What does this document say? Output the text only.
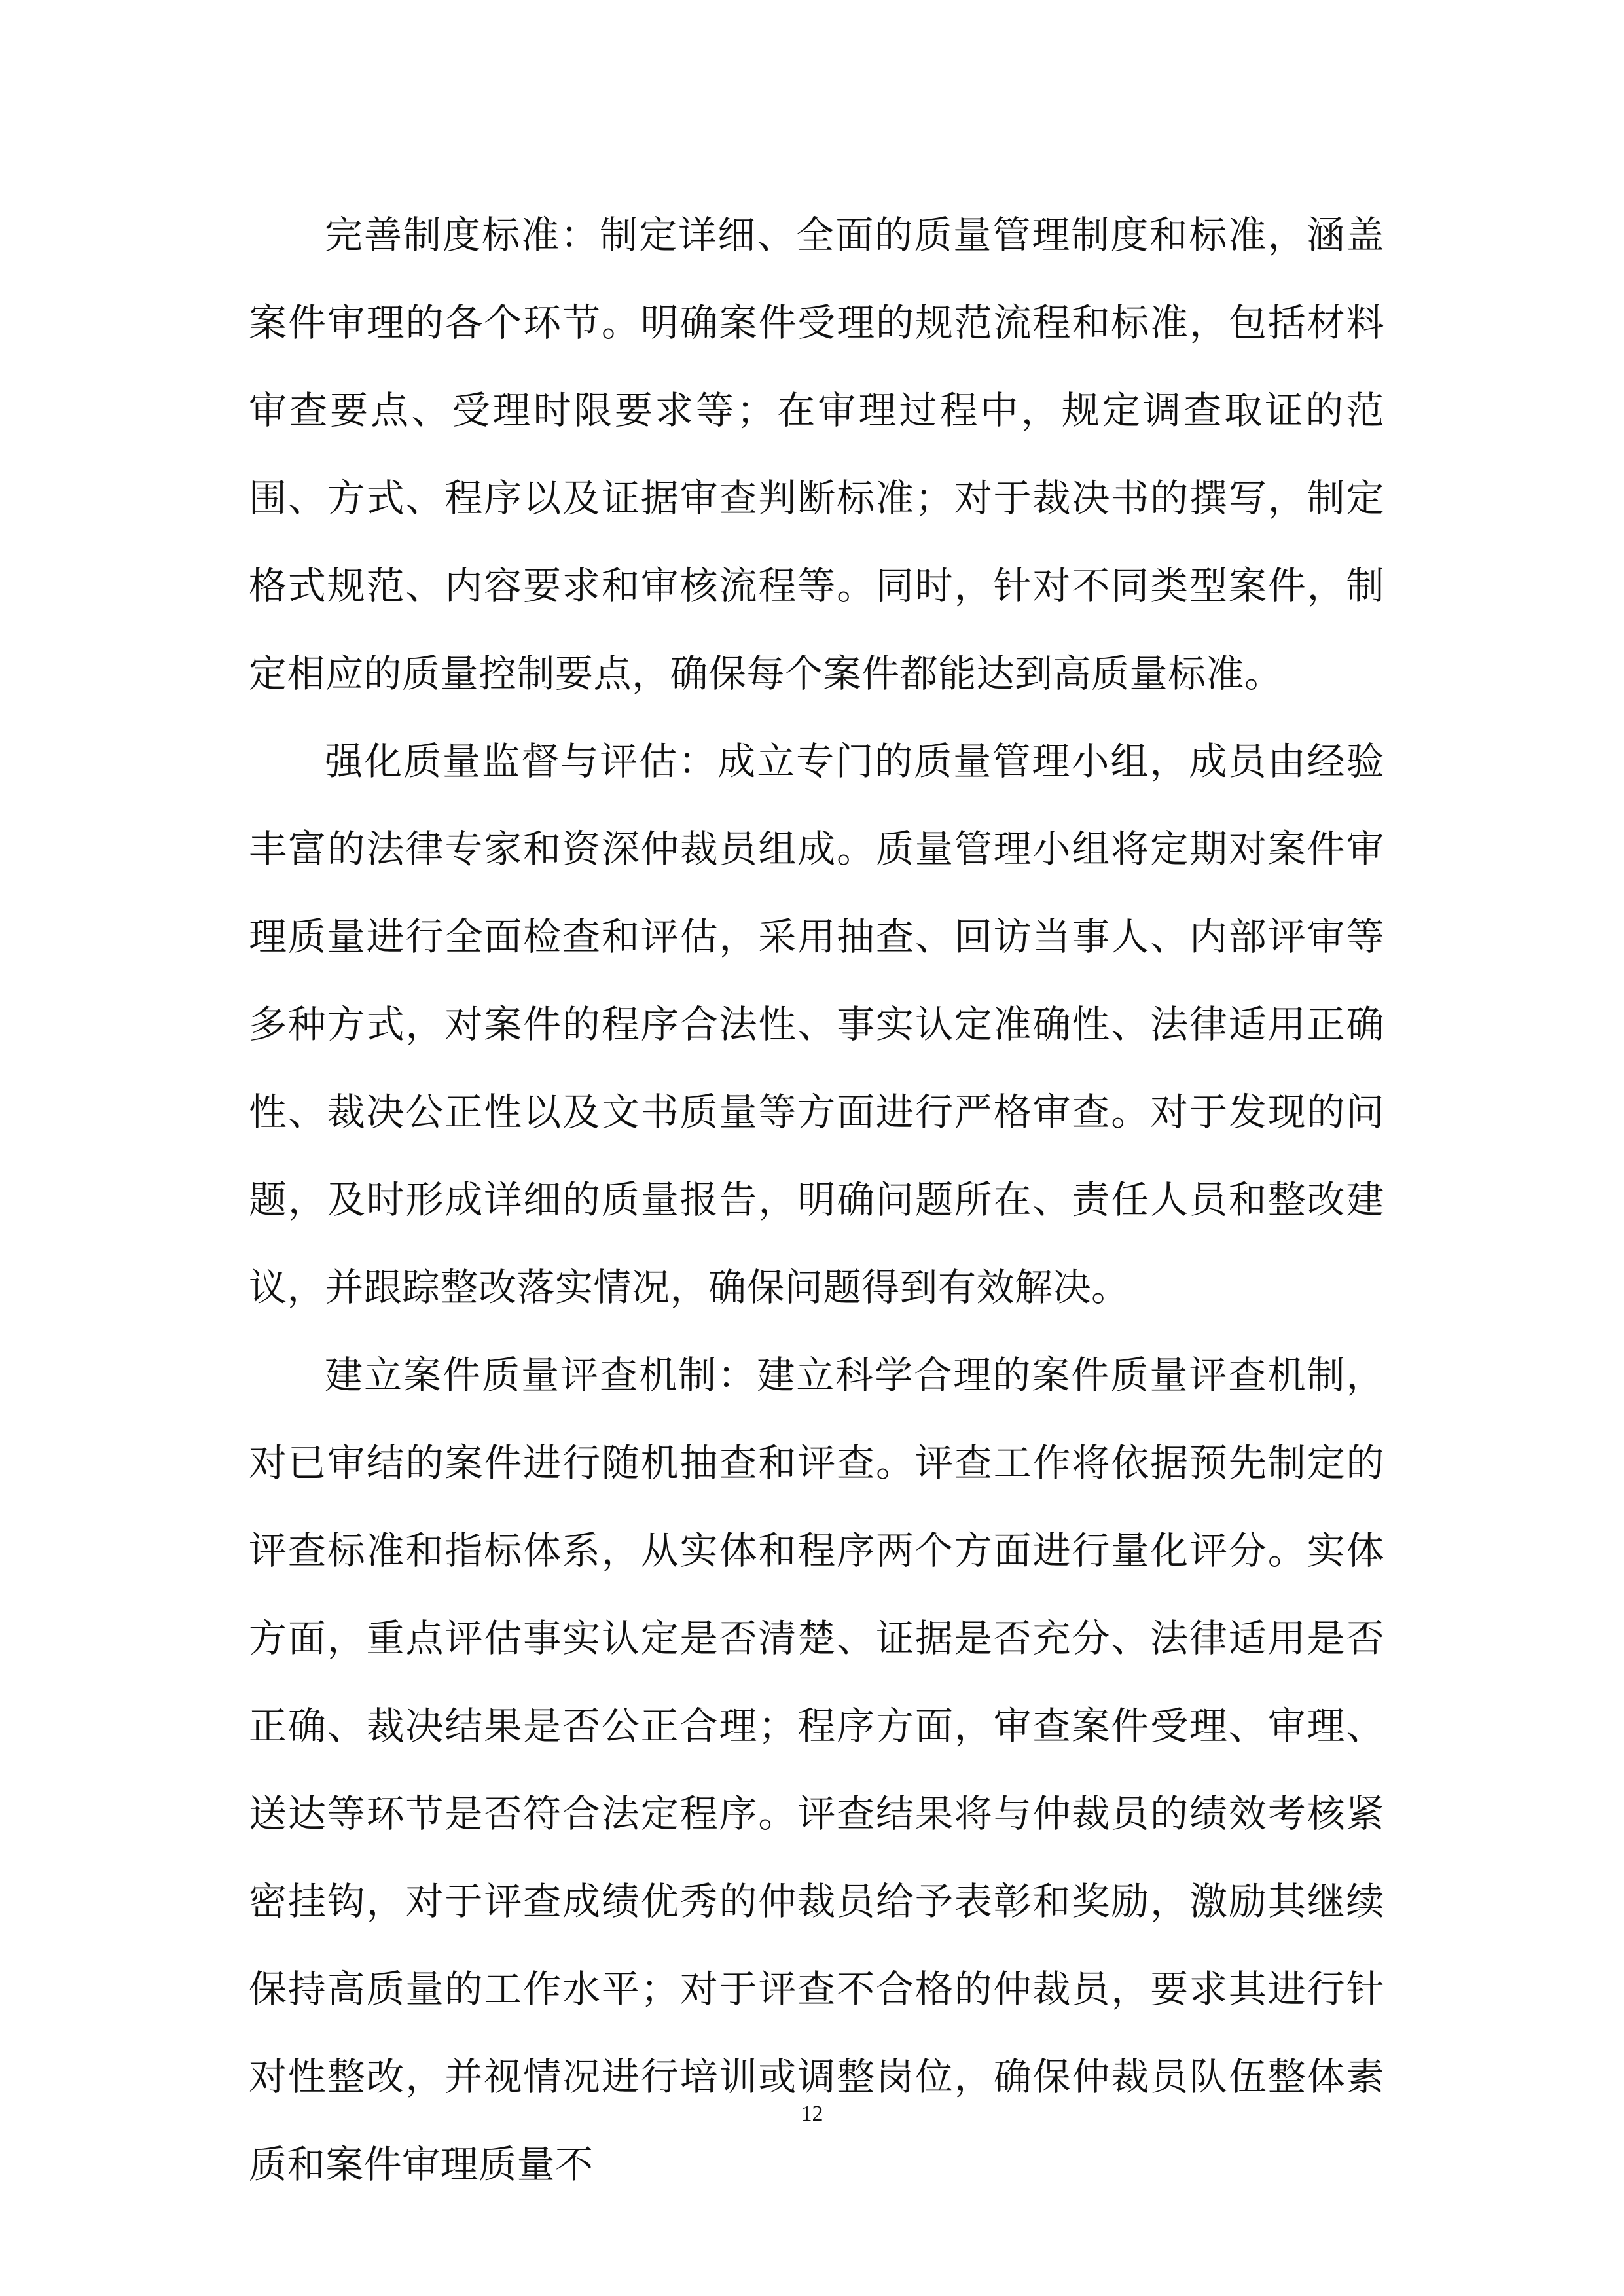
完善制度标准：制定详细、全面的质量管理制度和标准，涵盖案件审理的各个环节。明确案件受理的规范流程和标准，包括材料审查要点、受理时限要求等；在审理过程中，规定调查取证的范围、方式、程序以及证据审查判断标准；对于裁决书的撰写，制定格式规范、内容要求和审核流程等。同时，针对不同类型案件，制定相应的质量控制要点，确保每个案件都能达到高质量标准。

强化质量监督与评估：成立专门的质量管理小组，成员由经验丰富的法律专家和资深仲裁员组成。质量管理小组将定期对案件审理质量进行全面检查和评估，采用抽查、回访当事人、内部评审等多种方式，对案件的程序合法性、事实认定准确性、法律适用正确性、裁决公正性以及文书质量等方面进行严格审查。对于发现的问题，及时形成详细的质量报告，明确问题所在、责任人员和整改建议，并跟踪整改落实情况，确保问题得到有效解决。

建立案件质量评查机制：建立科学合理的案件质量评查机制，对已审结的案件进行随机抽查和评查。评查工作将依据预先制定的评查标准和指标体系，从实体和程序两个方面进行量化评分。实体方面，重点评估事实认定是否清楚、证据是否充分、法律适用是否正确、裁决结果是否公正合理；程序方面，审查案件受理、审理、送达等环节是否符合法定程序。评查结果将与仲裁员的绩效考核紧密挂钩，对于评查成绩优秀的仲裁员给予表彰和奖励，激励其继续保持高质量的工作水平；对于评查不合格的仲裁员，要求其进行针对性整改，并视情况进行培训或调整岗位，确保仲裁员队伍整体素质和案件审理质量不

12
